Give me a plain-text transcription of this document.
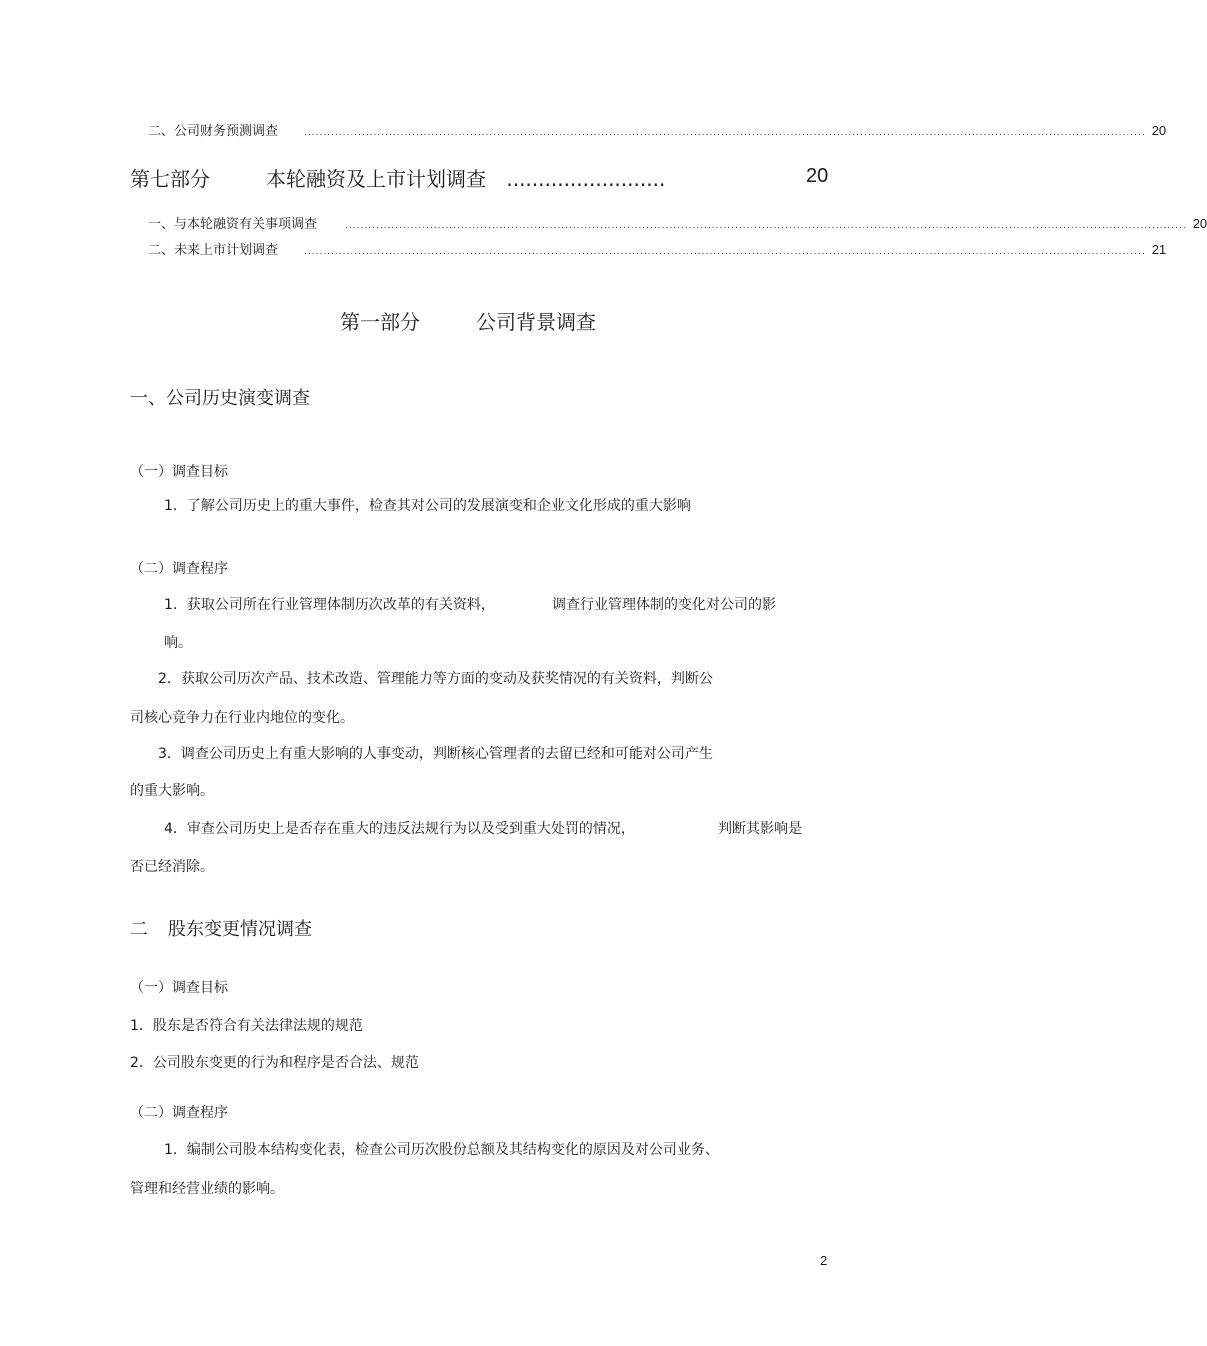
二、公司财务预测调查	.......................................................................................................................................................................................................................... 20
第七部分	本轮融资及上市计划调查 .........................	20
一、与本轮融资有关事项调查	.......................................................................................................................................................................................................................... 20
二、未来上市计划调查	.......................................................................................................................................................................................................................... 21
第一部分	公司背景调查
一、公司历史演变调查
（一）调查目标
1．了解公司历史上的重大事件，检查其对公司的发展演变和企业文化形成的重大影响
（二）调查程序
1．获取公司所在行业管理体制历次改革的有关资料，	调查行业管理体制的变化对公司的影
响。
2．获取公司历次产品、技术改造、管理能力等方面的变动及获奖情况的有关资料，判断公
司核心竞争力在行业内地位的变化。
3．调查公司历史上有重大影响的人事变动，判断核心管理者的去留已经和可能对公司产生
的重大影响。
4．审查公司历史上是否存在重大的违反法规行为以及受到重大处罚的情况，	判断其影响是
否已经消除。
二 股东变更情况调查
（一）调查目标
1．股东是否符合有关法律法规的规范
2．公司股东变更的行为和程序是否合法、规范
（二）调查程序
1．编制公司股本结构变化表，检查公司历次股份总额及其结构变化的原因及对公司业务、
管理和经营业绩的影响。
2
